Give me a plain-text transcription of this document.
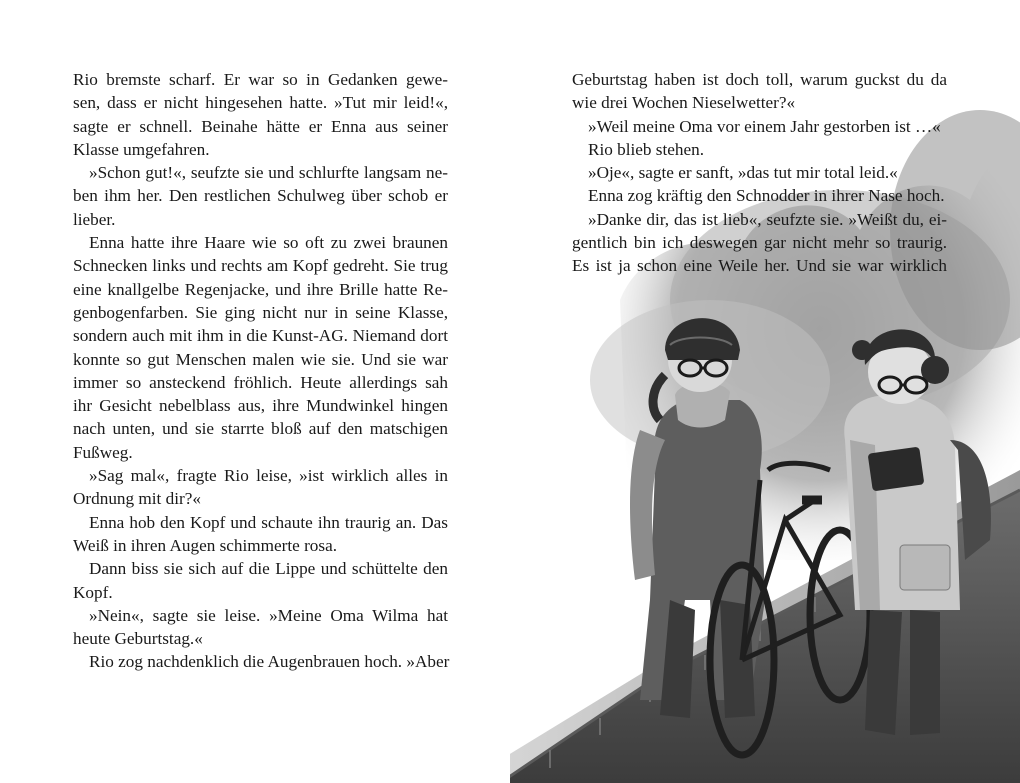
Rio bremste scharf. Er war so in Gedanken gewe-
sen, dass er nicht hingesehen hatte. »Tut mir leid!«,
sagte er schnell. Beinahe hätte er Enna aus seiner
Klasse umgefahren.
»Schon gut!«, seufzte sie und schlurfte langsam ne-
ben ihm her. Den restlichen Schulweg über schob er
lieber.
Enna hatte ihre Haare wie so oft zu zwei braunen
Schnecken links und rechts am Kopf gedreht. Sie trug
eine knallgelbe Regenjacke, und ihre Brille hatte Re-
genbogenfarben. Sie ging nicht nur in seine Klasse,
sondern auch mit ihm in die Kunst-AG. Niemand dort
konnte so gut Menschen malen wie sie. Und sie war
immer so ansteckend fröhlich. Heute allerdings sah
ihr Gesicht nebelblass aus, ihre Mundwinkel hingen
nach unten, und sie starrte bloß auf den matschigen
Fußweg.
»Sag mal«, fragte Rio leise, »ist wirklich alles in
Ordnung mit dir?«
Enna hob den Kopf und schaute ihn traurig an. Das
Weiß in ihren Augen schimmerte rosa.
Dann biss sie sich auf die Lippe und schüttelte den
Kopf.
»Nein«, sagte sie leise. »Meine Oma Wilma hat
heute Geburtstag.«
Rio zog nachdenklich die Augenbrauen hoch. »Aber
Geburtstag haben ist doch toll, warum guckst du da
wie drei Wochen Nieselwetter?«
»Weil meine Oma vor einem Jahr gestorben ist …«
Rio blieb stehen.
»Oje«, sagte er sanft, »das tut mir total leid.«
Enna zog kräftig den Schnodder in ihrer Nase hoch.
»Danke dir, das ist lieb«, seufzte sie. »Weißt du, ei-
gentlich bin ich deswegen gar nicht mehr so traurig.
Es ist ja schon eine Weile her. Und sie war wirklich
